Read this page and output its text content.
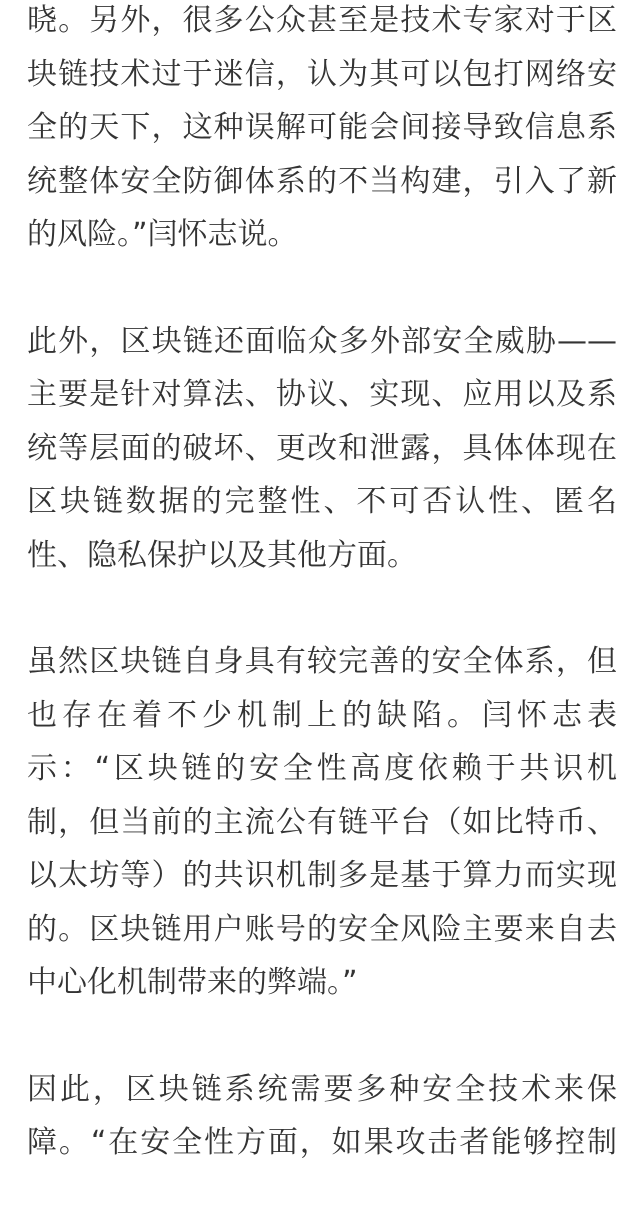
晓。另外，很多公众甚至是技术专家对于区
块链技术过于迷信，认为其可以包打网络安
全的天下，这种误解可能会间接导致信息系
统整体安全防御体系的不当构建，引入了新
的风险。”闫怀志说。
此外，区块链还面临众多外部安全威胁——
主要是针对算法、协议、实现、应用以及系
统等层面的破坏、更改和泄露，具体体现在
区块链数据的完整性、不可否认性、匿名
性、隐私保护以及其他方面。
虽然区块链自身具有较完善的安全体系，但
也存在着不少机制上的缺陷。闫怀志表
示：“区块链的安全性高度依赖于共识机
制，但当前的主流公有链平台（如比特币、
以太坊等）的共识机制多是基于算力而实现
的。区块链用户账号的安全风险主要来自去
中心化机制带来的弊端。”
因此，区块链系统需要多种安全技术来保
障。“在安全性方面，如果攻击者能够控制
